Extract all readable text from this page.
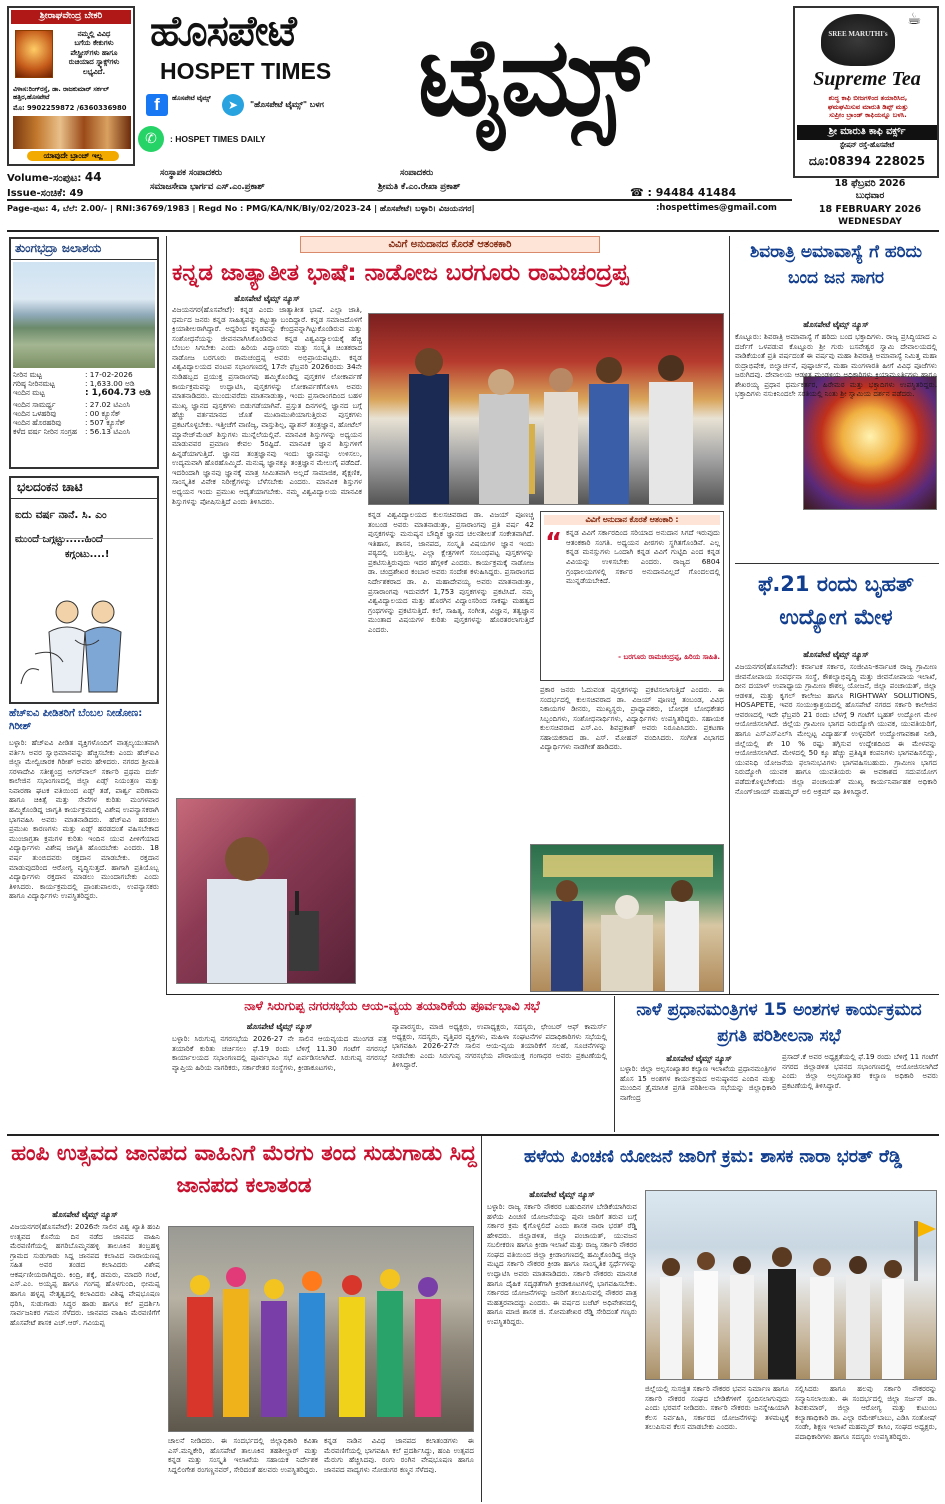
ಶ್ರೀರಾಘವೇಂದ್ರ ಬೇಕರಿ
ನಮ್ಮಲ್ಲಿ ವಿವಿಧ
ಬಗೆಯ ಕೇಕುಗಳು
ಪೇಸ್ಟ್ರೀಸ್‌ಗಳು ಹಾಗೂ
ರುಚಿಯಾದ ಸ್ನ್ಯಾಕ್ಸ್‌ಗಳು ಲಭ್ಯವಿದೆ.
ವಿಳಾಸ:ರಿಂಗ್‌ರಸ್ತೆ, ಡಾ. ರಾಜಕುಮಾರ್ ಸರ್ಕಲ್ ಹತ್ತಿರ,ಹೊಸಪೇಟೆ
ಮೊ: 9902259872 /6360336980
ಯಾವುದೇ ಬ್ರಾಂಚ್ ಇಲ್ಲ
ಹೊಸಪೇಟೆ
HOSPET TIMES ಟೈಮ್ಸ್
f	ಹೊಸಪೇಟೆ ಟೈಮ್ಸ್	➤	"ಹೊಸಪೇಟೆ ಟೈಮ್ಸ್" ಬಳಗ
✆	: HOSPET TIMES DAILY
☕
SREE MARUTHI's
Supreme Tea
ಶುದ್ಧ ಕಾಫಿ ಬೀಜಗಳಿಂದ ತಯಾರಿಸಿದ,
ಘಮಘಮಿಸುವ ಮಾರುತಿ ಡಿಪ್ಪ್ ಮತ್ತು
ಸುಪ್ರೀಂ ಬ್ರಾಂಡ್ ಕಾಫಿಯನ್ನೂ ಬಳಸಿ.
ಶ್ರೀ ಮಾರುತಿ ಕಾಫಿ ವರ್ಕ್ಸ್
ಸ್ಟೇಷನ್ ರಸ್ತೆ-ಹೊಸಪೇಟೆ
ದೂ:08394 228025
Volume-ಸಂಪುಟ: 44
Issue-ಸಂಚಿಕೆ: 49
ಸಂಸ್ಥಾಪಕ ಸಂಪಾದಕರು
ಸಮಾಜಸೇವಾ ಭಾರ್ಗವ ಎಸ್.ಎಂ.ಪ್ರಕಾಶ್
ಸಂಪಾದಕರು
ಶ್ರೀಮತಿ ಕೆ.ಎಂ.ರೇಖಾ ಪ್ರಕಾಶ್	☎ : 94484 41484
18 ಫೆಬ್ರವರಿ 2026
ಬುಧವಾರ
18 FEBRUARY 2026
WEDNESDAY
Page-ಪುಟ: 4, ಬೆಲೆ: 2.00/- | RNI:36769/1983 | Regd No : PMG/KA/NK/Bly/02/2023-24 | ಹೊಸಪೇಟೆ। ಬಳ್ಳಾರಿ। ವಿಜಯನಗರ|	:hospettimes@gmail.com
ತುಂಗಭದ್ರಾ ಜಲಾಶಯ
ನೀರಿನ ಮಟ್ಟ	: 17-02-2026
ಗರಿಷ್ಠ ನೀರಿನಮಟ್ಟ	: 1,633.00 ಅಡಿ
ಇಂದಿನ ಮಟ್ಟ	: 1,604.73 ಅಡಿ
ಇಂದಿನ ಸಾಮರ್ಥ್ಯ	: 27.02 ಟಿಎಂಸಿ
ಇಂದಿನ ಒಳಹರಿವು	: 00 ಕ್ಯೂಸೆಕ್
ಇಂದಿನ ಹೊರಹರಿವು	: 507 ಕ್ಯೂಸೆಕ್
ಕಳೆದ ವರ್ಷ ನೀರಿನ ಸಂಗ್ರಹ	: 56.13 ಟಿಎಂಸಿ
ಭಲದಂಕನ ಚಾಟಿ
ಐದು ವರ್ಷ ನಾನೆ. ಸಿ. ಎಂ
ಮುಂದೆ ಒಗ್ಗಟ್ಟು.....ಹಿಂದೆ
ಕಗ್ಗಂಟು....!
ಹೆಚ್‌ಐವಿ ಪೀಡಿತರಿಗೆ ಬೆಂಬಲ ನೀಡೋಣ: ಗಿರೀಶ್
ಬಳ್ಳಾರಿ: ಹೆಚ್‌ಐವಿ ಪೀಡಿತ ವ್ಯಕ್ತಿಗಳೊಂದಿಗೆ ವಾತ್ಸಲ್ಯಯುತವಾಗಿ ವರ್ತಿಸಿ ಅವರ ಸ್ವಾಭಿಮಾನವನ್ನು ಹೆಚ್ಚಿಸಬೇಕು ಎಂದು ಹೆಚ್‌ಐವಿ ಜಿಲ್ಲಾ ಮೇಲ್ವಿಚಾರಕ ಗಿರೀಶ್ ಅವರು ಹೇಳಿದರು. ನಗರದ ಶ್ರೀಮತಿ ಸರಳಾದೇವಿ ಸತೀಶ್ಚಂದ್ರ ಅಗರ್‌ವಾಲ್ ಸರ್ಕಾರಿ ಪ್ರಥಮ ದರ್ಜೆ ಕಾಲೇಜಿನ ಸಭಾಂಗಣದಲ್ಲಿ ಜಿಲ್ಲಾ ಏಡ್ಸ್ ನಿಯಂತ್ರಣ ಮತ್ತು ನಿವಾರಣಾ ಘಟಕ ವತಿಯಿಂದ ಏಡ್ಸ್ ತಡೆ, ಪಾರ್ಶ್ವ ಪರಿಣಾಮ ಹಾಗೂ ಚಿಕಿತ್ಸೆ ಮತ್ತು ಸೇವೆಗಳ ಕುರಿತು ಮಂಗಳವಾರ ಹಮ್ಮಿಕೊಂಡಿದ್ದ ಜಾಗೃತಿ ಕಾರ್ಯಕ್ರಮದಲ್ಲಿ ವಿಶೇಷ ಉಪನ್ಯಾಸಕರಾಗಿ ಭಾಗವಹಿಸಿ ಅವರು ಮಾತನಾಡಿದರು. ಹೆಚ್‌ಐವಿ ಹರಡಲು ಪ್ರಮುಖ ಕಾರಣಗಳು ಮತ್ತು ಏಡ್ಸ್ ಹರಡದಂತೆ ವಹಿಸಬೇಕಾದ ಮುಂಜಾಗ್ರತಾ ಕ್ರಮಗಳ ಕುರಿತು ಇಂದಿನ ಯುವ ಪೀಳಿಗೆಯಾದ ವಿದ್ಯಾರ್ಥಿಗಳು ವಿಶೇಷ ಜಾಗೃತಿ ಹೊಂದಬೇಕು ಎಂದರು. 18 ವರ್ಷ ತುಂಬಿದವರು ರಕ್ತದಾನ ಮಾಡಬೇಕು. ರಕ್ತದಾನ ಮಾಡುವುದರಿಂದ ಆರೋಗ್ಯ ವೃದ್ಧಿಸುತ್ತದೆ. ಹಾಗಾಗಿ ಪ್ರತಿಯೊಬ್ಬ ವಿದ್ಯಾರ್ಥಿಗಳು ರಕ್ತದಾನ ಮಾಡಲು ಮುಂದಾಗಬೇಕು ಎಂದು ತಿಳಿಸಿದರು. ಕಾರ್ಯಕ್ರಮದಲ್ಲಿ ಪ್ರಾಂಶುಪಾಲರು, ಉಪನ್ಯಾಸಕರು ಹಾಗೂ ವಿದ್ಯಾರ್ಥಿಗಳು ಉಪಸ್ಥಿತರಿದ್ದರು.
ವಿವಿಗೆ ಅನುದಾನದ ಕೊರತೆ ಆತಂಕಕಾರಿ
ಕನ್ನಡ ಜಾತ್ಯಾತೀತ ಭಾಷೆ: ನಾಡೋಜ ಬರಗೂರು ರಾಮಚಂದ್ರಪ್ಪ
ಹೊಸಪೇಟೆ ಟೈಮ್ಸ್ ನ್ಯೂಸ್
ವಿಜಯನಗರ(ಹೊಸಪೇಟೆ): ಕನ್ನಡ ಎಂದು ಜಾತ್ಯಾತೀತ ಭಾಷೆ. ಎಲ್ಲಾ ಜಾತಿ, ಧರ್ಮದ ಜನರು ಕನ್ನಡ ಸಾಹಿತ್ಯವನ್ನು ಕಟ್ಟುತ್ತಾ ಬಂದಿದ್ದಾರೆ. ಕನ್ನಡ ಸಮಾಜದೊಳಗೆ ಕ್ರಿಯಾಶೀಲರಾಗಿದ್ದಾರೆ. ಅದ್ದರಿಂದ ಕನ್ನಡವನ್ನು ಕೇಂದ್ರವನ್ನಾಗಿಟ್ಟುಕೊಂಡಿರುವ ಮತ್ತು ಸಂಶೋಧನೆಯನ್ನು ಜೀವನವಾಗಿಸಿಕೊಂಡಿರುವ ಕನ್ನಡ ವಿಶ್ವವಿದ್ಯಾಲಯಕ್ಕೆ ಹೆಚ್ಚಿ ಬೆಂಬಲ ಸಿಗಬೇಕು ಎಂದು ಹಿರಿಯ ವಿದ್ವಾಂಸರು ಮತ್ತು ಸಂಸ್ಕೃತಿ ಚಿಂತಕರಾದ ನಾಡೋಜ ಬರಗೂರು ರಾಮಚಂದ್ರಪ್ಪ ಅವರು ಅಭಿಪ್ರಾಯಪಟ್ಟರು. ಕನ್ನಡ ವಿಶ್ವವಿದ್ಯಾಲಯದ ವಂಟಪ ಸಭಾಂಗಣದಲ್ಲಿ 17ನೇ ಫೆಬ್ರವರಿ 2026ರಂದು 34ನೇ ನುಡಿಹಬ್ಬದ ಪ್ರಯುಕ್ತ ಪ್ರಸಾರಾಂಗವು ಹಮ್ಮಿಕೊಂಡಿದ್ದ ಪುಸ್ತಕಗಳ ಲೋಕಾರ್ಪಣೆ ಕಾರ್ಯಕ್ರಮವನ್ನು ಉದ್ಘಾಟಿಸಿ, ಪುಸ್ತಕಗಳನ್ನು ಲೋಕಾರ್ಪಣೆಗೊಳಿಸಿ ಅವರು ಮಾತನಾಡಿದರು. ಮುಂದುವರೆದು ಮಾತನಾಡುತ್ತಾ, ಇಂದು ಪ್ರಸಾರಾಂಗದಿಂದ ಬಹಳ ಮುಖ್ಯ ಜ್ಞಾನದ ಪುಸ್ತಕಗಳು ಬಿಡುಗಡೆಯಾಗಿವೆ. ಪ್ರಸ್ತುತ ದಿನಗಳಲ್ಲಿ ಜ್ಞಾನದ ಬಗ್ಗೆ ಹೆಚ್ಚು ವರ್ತಮಾನದ ಜೊತೆ ಮುಖಾಮುಖಿಯಾಗುತ್ತಿರುವ ಪುಸ್ತಕಗಳು ಪ್ರಕಟಗೊಳ್ಳಬೇಕು. ಇತ್ತೀಚೆಗೆ ವಾಣಿಜ್ಯ, ವಾಸ್ತುಶಿಲ್ಪ, ಫ್ಯಾಶನ್ ತಂತ್ರಜ್ಞಾನ, ಹೋಟೆಲ್ ಮ್ಯಾನೇಜ್‌ಮೆಂಟ್ ಶಿಸ್ತುಗಳು ಮುನ್ನೆಲೆಯಲ್ಲಿವೆ. ಮಾನವಿಕ ಶಿಸ್ತುಗಳನ್ನು ಅಧ್ಯಯನ ಮಾಡುವವರ ಪ್ರಮಾಣ ಕೇವಲ 5ರಷ್ಟಿದೆ. ಮಾನವಿಕ ಜ್ಞಾನ ಶಿಸ್ತುಗಳಿಗೆ ಹಿನ್ನಡೆಯಾಗುತ್ತಿದೆ. ಜ್ಞಾನದ ತಂತ್ರಜ್ಞಾನವು ಇಂದು ಜ್ಞಾನವನ್ನು ಉಳಿಸಲು, ಉದ್ಯಮವಾಗಿ ಹೊರಹೊಮ್ಮಿದೆ. ಮನುಷ್ಯ ಜ್ಞಾನಕ್ಕೂ ತಂತ್ರಜ್ಞಾನ ಮೇಲುಗೈ ಪಡೆದಿದೆ. ಇದರಿಂದಾಗಿ ಜ್ಞಾನವು ಜ್ಞಾನಕ್ಕೆ ಮಾತ್ರ ಸೀಮಿತವಾಗಿ ಅಲ್ಲದೆ ಸಾಮಾಜಿಕ, ಶೈಕ್ಷಣಿಕ, ಸಾಂಸ್ಕೃತಿಕ ವಿವೇಕ ನಿರೀಕ್ಷೆಗಳನ್ನು ಬೆಳೆಸಬೇಕು ಎಂದರು. ಮಾನವಿಕ ಶಿಸ್ತುಗಳ ಅಧ್ಯಯನ ಇಂದು ಪ್ರಮುಖ ಆದ್ಯತೆಯಾಗಬೇಕು. ನಮ್ಮ ವಿಶ್ವವಿದ್ಯಾಲಯ ಮಾನವಿಕ ಶಿಸ್ತುಗಳನ್ನು ಪೋಷಿಸುತ್ತಿದೆ ಎಂದು ತಿಳಿಸಿದರು.
ವಿವಿಗೆ ಅನುದಾನ ಕೊರತೆ ಆತಂಕಾರಿ :
“ ಕನ್ನಡ ವಿವಿಗೆ ಸರ್ಕಾರದಿಂದ ಸರಿಯಾದ ಅನುದಾನ ಸಿಗದೆ ಇರುವುದು ಆತಂಕಕಾರಿ ಸಂಗತಿ. ಅಧ್ಯಯನ ಪೀಠಗಳು ಸ್ಥಗಿತಗೊಂಡಿವೆ. ಎಲ್ಲ ಕನ್ನಡ ಮನಸ್ಸುಗಳು ಒಂದಾಗಿ ಕನ್ನಡ ವಿವಿಗೆ ಗುಟ್ಟಿದಿ ಎಂದ ಕನ್ನಡ ವಿವಿಯನ್ನು ಉಳಿಸಬೇಕು ಎಂದರು. ರಾಜ್ಯದ 6804 ಗ್ರಂಥಾಲಯಗಳಲ್ಲಿ ಸರ್ಕಾರ ಅನುದಾನವಿಲ್ಲದೆ ಗೊಂದಲದಲ್ಲಿ ಮುನ್ನಡೆಯಬೇಕಿದೆ.
- ಬರಗೂರು ರಾಮಚಂದ್ರಪ್ಪ, ಹಿರಿಯ ಸಾಹಿತಿ.
ಕನ್ನಡ ವಿಶ್ವವಿದ್ಯಾಲಯದ ಕುಲಸಚಿವರಾದ ಡಾ. ವಿಜಯ್ ಪೂಣಚ್ಚ ತಂಬಂಡ ಅವರು ಮಾತನಾಡುತ್ತಾ, ಪ್ರಸಾರಾಂಗವು ಪ್ರತಿ ವರ್ಷ 42 ಪುಸ್ತಕಗಳನ್ನು ಮನುಷ್ಯನ ಬೌದ್ಧಿಕ ಜ್ಞಾನದ ಚಲನಶೀಲತೆ ಸಂಕೇತವಾಗಿದೆ. ಇತಿಹಾಸ, ಶಾಸನ, ಜಾನಪದ, ಸಂಸ್ಕೃತಿ ವಿಷಯಗಳ ಜ್ಞಾನ ಇಂದು ಪಠ್ಯದಲ್ಲಿ ಬರುತ್ತಿಲ್ಲ. ಎಲ್ಲಾ ಕ್ಷೇತ್ರಗಳಿಗೆ ಸಂಬಂಧಪಟ್ಟ ಪುಸ್ತಕಗಳನ್ನು ಪ್ರಕಟಿಸುತ್ತಿರುವುದು ಇದರ ಹೆಗ್ಗಳಿಕೆ ಎಂದರು. ಕಾರ್ಯಕ್ರಮಕ್ಕೆ ನಾಡೋಜ ಡಾ. ಚಂದ್ರಶೇಖರ ಕಂಬಾರ ಅವರು ಸಂದೇಶ ಕಳುಹಿಸಿದ್ದರು. ಪ್ರಸಾರಾಂಗದ ನಿರ್ದೇಶಕರಾದ ಡಾ. ಪಿ. ಮಹಾದೇವಯ್ಯ ಅವರು ಮಾತನಾಡುತ್ತಾ, ಪ್ರಸಾರಾಂಗವು ಇದುವರೆಗೆ 1,753 ಪುಸ್ತಕಗಳನ್ನು ಪ್ರಕಟಿಸಿದೆ. ನಮ್ಮ ವಿಶ್ವವಿದ್ಯಾಲಯದ ಮತ್ತು ಹೊರಗಿನ ವಿದ್ವಾಂಸರಿಂದ ಸಾಕಷ್ಟು ಮಹತ್ವದ ಗ್ರಂಥಗಳನ್ನು ಪ್ರಕಟಿಸುತ್ತಿದೆ. ಕಲೆ, ಸಾಹಿತ್ಯ, ಸಂಗೀತ, ವಿಜ್ಞಾನ, ತತ್ವಜ್ಞಾನ ಮುಂತಾದ ವಿಷಯಗಳ ಕುರಿತು ಪುಸ್ತಕಗಳನ್ನು ಹೊರತರಲಾಗುತ್ತಿದೆ ಎಂದರು.
ಪ್ರಕಾರ ಜನರು ಓದುವಂತ ಪುಸ್ತಕಗಳನ್ನು ಪ್ರಕಟಿಸಲಾಗುತ್ತಿದೆ ಎಂದರು. ಈ ಸಂದರ್ಭದಲ್ಲಿ ಕುಲಸಚಿವರಾದ ಡಾ. ವಿಜಯ್ ಪೂಣಚ್ಚ ತಂಬಂಡ, ವಿವಿಧ ನಿಕಾಯಗಳ ಡೀನರು, ಮುಖ್ಯಸ್ಥರು, ಪ್ರಾಧ್ಯಾಪಕರು, ಬೋಧಕ ಬೋಧಕೇತರ ಸಿಬ್ಬಂದಿಗಳು, ಸಂಶೋಧನಾರ್ಥಿಗಳು, ವಿದ್ಯಾರ್ಥಿಗಳು ಉಪಸ್ಥಿತರಿದ್ದರು. ಸಹಾಯಕ ಕುಲಸಚಿವರಾದ ಎಸ್.ಎಂ. ಶಿವಪ್ರಕಾಶ್ ಅವರು ನಿರೂಪಿಸಿದರು. ಪ್ರಕಟಣಾ ಸಹಾಯಕರಾದ ಡಾ. ಎಸ್. ಮೋಹನ್ ವಂದಿಸಿದರು. ಸಂಗೀತ ವಿಭಾಗದ ವಿದ್ಯಾರ್ಥಿಗಳು ನಾಡಗೀತೆ ಹಾಡಿದರು.
ಶಿವರಾತ್ರಿ ಅಮಾವಾಸ್ಯೆ ಗೆ ಹರಿದು ಬಂದ ಜನ ಸಾಗರ
ಹೊಸಪೇಟೆ ಟೈಮ್ಸ್ ನ್ಯೂಸ್
ಕೊಟ್ಟೂರು: ಶಿವರಾತ್ರಿ ಅಮಾವಾಸ್ಯೆ ಗೆ ಹರಿದು ಬಂದ ಭಕ್ತಾದಿಗಳು. ರಾಜ್ಯ ಪ್ರಸಿದ್ಧಿಯಾದ ಎ ದರ್ಜೆಗೆ ಒಳಪಡುವ ಕೊಟ್ಟೂರು ಶ್ರೀ ಗುರು ಬಸವೇಶ್ವರ ಸ್ವಾಮಿ ದೇವಾಲಯದಲ್ಲಿ ವಾಡಿಕೆಯಂತೆ ಪ್ರತಿ ವರ್ಷದಂತೆ ಈ ವರ್ಷವು ಮಹಾ ಶಿವರಾತ್ರಿ ಅಮಾವಾಸ್ಯೆ ನಿಮಿತ್ತ ಮಹಾ ರುದ್ರಾಭಿಷೇಕ, ಬಿಲ್ವಾರ್ಚನೆ, ಪುಷ್ಪಾರ್ಚನೆ, ಮಹಾ ಮಂಗಳಾರತಿ ಹೀಗೆ ವಿವಿಧ ಪೂಜೆಗಳು ಜರುಗಿದವು. ದೇವಾಲಯ ಆಡಳಿತ ಮಂಡಳಿಯ ಅಧಿಕಾರಿಗಳು ಕ್ರಿಯಾಮೂರ್ತಿಗಳು ಹಾಗೂ ಶೇಖರಯ್ಯ ಪ್ರಧಾನ ಧರ್ಮಕರ್ತರ, ಹಿರೇಮಠ ಮತ್ತು ಭಕ್ತಾದಿಗಳು ಉಪಸ್ಥಿತರಿದ್ದರು. ಭಕ್ತಾದಿಗಳು ನಸುಕಿನಿಂದಲೇ ಸರತಿಯಲ್ಲಿ ನಿಂತು ಶ್ರೀ ಸ್ವಾಮಿಯ ದರ್ಶನ ಪಡೆದರು.
ಫೆ.21 ರಂದು ಬೃಹತ್ ಉದ್ಯೋಗ ಮೇಳ
ಹೊಸಪೇಟೆ ಟೈಮ್ಸ್ ನ್ಯೂಸ್
ವಿಜಯನಗರ(ಹೊಸಪೇಟೆ): ಕರ್ನಾಟಕ ಸರ್ಕಾರ, ಸಂಜೀವಿನಿ-ಕರ್ನಾಟಕ ರಾಜ್ಯ ಗ್ರಾಮೀಣ ಜೀವನೋಪಾಯ ಸಂವರ್ಧನಾ ಸಂಸ್ಥೆ, ಕೌಶಲ್ಯಾಭಿವೃದ್ಧಿ ಮತ್ತು ಜೀವನೋಪಾಯ ಇಲಾಖೆ, ದೀನ ದಯಾಳ್ ಉಪಾಧ್ಯಾಯ ಗ್ರಾಮೀಣ ಕೌಶಲ್ಯ ಯೋಜನೆ, ಜಿಲ್ಲಾ ಪಂಚಾಯತ್, ಜಿಲ್ಲಾ ಆಡಳಿತ, ಮತ್ತು ಕೃಗಲ್ ಕಾಲೇಜು ಹಾಗೂ RIGHTWAY SOLUTIONS, HOSAPETE, ಇವರ ಸಂಯುಕ್ತಾಶ್ರಯದಲ್ಲಿ ಹೊಸಪೇಟೆ ನಗರದ ಸರ್ಕಾರಿ ಕಾಲೇಜಿನ ಆವರಣದಲ್ಲಿ ಇದೇ ಫೆಬ್ರವರಿ 21 ರಂದು ಬೆಳಗ್ಗೆ 9 ಗಂಟೆಗೆ ಬೃಹತ್ ಉದ್ಯೋಗ ಮೇಳ ಆಯೋಜಿಸಲಾಗಿದೆ. ಜಿಲ್ಲೆಯ ಗ್ರಾಮೀಣ ಭಾಗದ ನಿರುದ್ಯೋಗಿ ಯುವಕ, ಯುವತಿಯರಿಗೆ, ಹಾಗೂ ಎಸ್‌ಎಸ್‌ಎಲ್‌ಸಿ ಮೇಲ್ಪಟ್ಟ ವಿದ್ಯಾರ್ಹತೆ ಉಳ್ಳವರಿಗೆ ಉದ್ಯೋಗಾವಕಾಶ ನೀಡಿ, ಜಿಲ್ಲೆಯಲ್ಲಿ ಶೇ 10 % ರಷ್ಟು ತಗ್ಗಿಸುವ ಉದ್ದೇಶದಿಂದ ಈ ಮೇಳವನ್ನು ಆಯೋಜಿಸಲಾಗಿದೆ. ಮೇಳದಲ್ಲಿ 50 ಕ್ಕೂ ಹೆಚ್ಚು ಪ್ರತಿಷ್ಠಿತ ಕಂಪನಿಗಳು ಭಾಗವಹಿಸಲಿದ್ದು, ಯುವನಿಧಿ ಯೋಜನೆಯ ಫಲಾನುಭವಿಗಳು ಭಾಗವಹಿಸಬಹುದು. ಗ್ರಾಮೀಣ ಭಾಗದ ನಿರುದ್ಯೋಗಿ ಯುವಕ ಹಾಗೂ ಯುವತಿಯರು ಈ ಅವಕಾಶದ ಸದುಪಯೋಗ ಪಡೆದುಕೊಳ್ಳಬೇಕೆಂದು ಜಿಲ್ಲಾ ಪಂಚಾಯತ್ ಮುಖ್ಯ ಕಾರ್ಯನಿರ್ವಾಹಕ ಅಧಿಕಾರಿ ನೊಂಗ್‌ಜಾಯ್ ಮಹಮ್ಮದ್ ಅಲಿ ಅಕ್ರಮ್ ಷಾ ತಿಳಿಸಿದ್ದಾರೆ.
ನಾಳೆ ಸಿರುಗುಪ್ಪ ನಗರಸಭೆಯ ಆಯ-ವ್ಯಯ ತಯಾರಿಕೆಯ ಪೂರ್ವಭಾವಿ ಸಭೆ
ಹೊಸಪೇಟೆ ಟೈಮ್ಸ್ ನ್ಯೂಸ್
ಬಳ್ಳಾರಿ: ಸಿರುಗುಪ್ಪ ನಗರಸಭೆಯ 2026-27 ನೇ ಸಾಲಿನ ಆಯವ್ಯಯದ ಮುಂಗಡ ಪತ್ರ ತಯಾರಿಕೆ ಕುರಿತು ಚರ್ಚಿಸಲು ಫೆ.19 ರಂದು ಬೆಳಿಗ್ಗೆ 11.30 ಗಂಟೆಗೆ ನಗರಸಭೆ ಕಾರ್ಯಾಲಯದ ಸಭಾಂಗಣದಲ್ಲಿ ಪೂರ್ವಭಾವಿ ಸಭೆ ಏರ್ಪಡಿಸಲಾಗಿದೆ. ಸಿರುಗುಪ್ಪ ನಗರಸಭೆ ವ್ಯಾಪ್ತಿಯ ಹಿರಿಯ ನಾಗರಿಕರು, ಸರ್ಕಾರೇತರ ಸಂಸ್ಥೆಗಳು, ಕ್ರೀಡಾಕೂಟಗಳು,
ವ್ಯಾಪಾರಸ್ಥರು, ಮಾಜಿ ಅಧ್ಯಕ್ಷರು, ಉಪಾಧ್ಯಕ್ಷರು, ಸದಸ್ಯರು, ಛೇಂಬರ್ ಆಫ್ ಕಾಮರ್ಸ್ ಅಧ್ಯಕ್ಷರು, ಸದಸ್ಯರು, ವೃತ್ತಿಪರ ವ್ಯಕ್ತಿಗಳು, ಮಹಿಳಾ ಸಂಘಟನೆಗಳ ಪದಾಧಿಕಾರಿಗಳು ಸಭೆಯಲ್ಲಿ ಭಾಗವಹಿಸಿ 2026-27ನೇ ಸಾಲಿನ ಆಯ-ವ್ಯಯ ತಯಾರಿಕೆಗೆ ಸಲಹೆ, ಸೂಚನೆಗಳನ್ನು ನೀಡಬೇಕು ಎಂದು ಸಿರುಗುಪ್ಪ ನಗರಸಭೆಯ ಪೌರಾಯುಕ್ತ ಗಂಗಾಧರ ಅವರು ಪ್ರಕಟಣೆಯಲ್ಲಿ ತಿಳಿಸಿದ್ದಾರೆ.
ನಾಳೆ ಪ್ರಧಾನಮಂತ್ರಿಗಳ 15 ಅಂಶಗಳ ಕಾರ್ಯಕ್ರಮದ ಪ್ರಗತಿ ಪರಿಶೀಲನಾ ಸಭೆ
ಹೊಸಪೇಟೆ ಟೈಮ್ಸ್ ನ್ಯೂಸ್
ಬಳ್ಳಾರಿ: ಜಿಲ್ಲಾ ಅಲ್ಪಸಂಖ್ಯಾತರ ಕಲ್ಯಾಣ ಇಲಾಖೆಯ ಪ್ರಧಾನಮಂತ್ರಿಗಳ ಹೊಸ 15 ಅಂಶಗಳ ಕಾರ್ಯಕ್ರಮದ ಅನುಷ್ಠಾನದ ಎಂದಿನ ಮತ್ತು ಮುಂದಿನ ತ್ರೈಮಾಸಿಕ ಪ್ರಗತಿ ಪರಿಶೀಲನಾ ಸಭೆಯನ್ನು ಜಿಲ್ಲಾಧಿಕಾರಿ ನಾಗೇಂದ್ರ
ಪ್ರಸಾದ್.ಕೆ ಅವರ ಅಧ್ಯಕ್ಷತೆಯಲ್ಲಿ ಫೆ.19 ರಂದು ಬೆಳಿಗ್ಗೆ 11 ಗಂಟೆಗೆ ನಗರದ ಜಿಲ್ಲಾಡಳಿತ ಭವನದ ಸಭಾಂಗಣದಲ್ಲಿ ಆಯೋಜಿಸಲಾಗಿದೆ ಎಂದು ಜಿಲ್ಲಾ ಅಲ್ಪಸಂಖ್ಯಾತರ ಕಲ್ಯಾಣ ಅಧಿಕಾರಿ ಅವರು ಪ್ರಕಟಣೆಯಲ್ಲಿ ತಿಳಿಸಿದ್ದಾರೆ.
ಹಂಪಿ ಉತ್ಸವದ ಜಾನಪದ ವಾಹಿನಿಗೆ ಮೆರಗು ತಂದ ಸುಡುಗಾಡು ಸಿದ್ದ ಜಾನಪದ ಕಲಾತಂಡ
ಹೊಸಪೇಟೆ ಟೈಮ್ಸ್ ನ್ಯೂಸ್
ವಿಜಯನಗರ(ಹೊಸಪೇಟೆ): 2026ನೇ ಸಾಲಿನ ವಿಶ್ವ ಖ್ಯಾತಿ ಹಂಪಿ ಉತ್ಸವದ ಕೊನೆಯ ದಿನ ನಡೆದ ಜಾನಪದ ವಾಹಿನಿ ಮೆರವಣಿಗೆಯಲ್ಲಿ ಹಗರಿಬೊಮ್ಮನಹಳ್ಳಿ ತಾಲೂಕಿನ ತಂಬ್ರಹಳ್ಳಿ ಗ್ರಾಮದ ಸುಡುಗಾಡು ಸಿದ್ದ ಜಾನಪದ ಕಲಾವಿದ ನಾರಾಯಣಪ್ಪ ಸಹಿತ ಅವರ ತಂಡದ ಕಲಾವಿದರು ವಿಶೇಷ ಆಕರ್ಷಣೀಯರಾಗಿದ್ದರು. ಕಿಂದ್ರಿ, ಶಕ್ಕೆ, ಡಮರು, ಮಾದರಿ ಗಂಟೆ, ಎಸ್.ಎಂ. ಅಯ್ಯಪ್ಪ ಹಾಗೂ ಗಂಗಪ್ಪ ಹೊಳಗುಂದಿ, ಭೀಮಪ್ಪ ಹಾಗೂ ಹಳ್ಳಪ್ಪ ನೇತೃತ್ವದಲ್ಲಿ ಕಲಾವಿದರು ವಿಶಿಷ್ಟ ವೇಷಭೂಷಣ ಧರಿಸಿ, ಸುಡುಗಾಡು ಸಿದ್ಧರ ಹಾಡು ಹಾಗೂ ಕಲೆ ಪ್ರದರ್ಶಿಸಿ ಸಾರ್ವಜನಿಕರ ಗಮನ ಸೆಳೆದರು. ಜಾನಪದ ವಾಹಿನಿ ಮೆರವಣಿಗೆಗೆ ಹೊಸಪೇಟೆ ಶಾಸಕ ಎಚ್.ಆರ್. ಗವಿಯಪ್ಪ
ಚಾಲನೆ ನೀಡಿದರು. ಈ ಸಂದರ್ಭದಲ್ಲಿ ಜಿಲ್ಲಾಧಿಕಾರಿ ಕವಿತಾ ಎಸ್.ಮನ್ನಿಕೇರಿ, ಹೊಸಪೇಟೆ ತಾಲೂಕಿನ ತಹಶೀಲ್ದಾರ್ ಮತ್ತು ಕನ್ನಡ ಮತ್ತು ಸಂಸ್ಕೃತಿ ಇಲಾಖೆಯ ಸಹಾಯಕ ನಿರ್ದೇಶಕ ಸಿದ್ದಲಿಂಗೇಶ ರಂಗಣ್ಣನವರ್, ಸೇರಿದಂತೆ ಹಲವರು ಉಪಸ್ಥಿತರಿದ್ದರು.
ಕನ್ನಡ ನಾಡಿನ ವಿವಿಧ ಜಾನಪದ ಕಲಾತಂಡಗಳು ಈ ಮೆರವಣಿಗೆಯಲ್ಲಿ ಭಾಗವಹಿಸಿ ಕಲೆ ಪ್ರದರ್ಶಿಸಿದ್ದು, ಹಂಪಿ ಉತ್ಸವದ ಮೆರುಗು ಹೆಚ್ಚಿಸಿದವು. ರಂಗು ರಂಗಿನ ವೇಷಭೂಷಣ ಹಾಗೂ ಜಾನಪದ ವಾದ್ಯಗಳು ನೋಡುಗರ ಕಣ್ಮನ ಸೆಳೆದವು.
ಹಳೆಯ ಪಿಂಚಣಿ ಯೋಜನೆ ಜಾರಿಗೆ ಕ್ರಮ: ಶಾಸಕ ನಾರಾ ಭರತ್ ರೆಡ್ಡಿ
ಹೊಸಪೇಟೆ ಟೈಮ್ಸ್ ನ್ಯೂಸ್
ಬಳ್ಳಾರಿ: ರಾಜ್ಯ ಸರ್ಕಾರಿ ನೌಕರರ ಬಹುದಿನಗಳ ಬೇಡಿಕೆಯಾಗಿರುವ ಹಳೆಯ ಪಿಂಚಣಿ ಯೋಜನೆಯನ್ನು ಪುನಃ ಜಾರಿಗೆ ತರುವ ಬಗ್ಗೆ ಸರ್ಕಾರ ಕ್ರಮ ಕೈಗೊಳ್ಳಲಿದೆ ಎಂದು ಶಾಸಕ ನಾರಾ ಭರತ್ ರೆಡ್ಡಿ ಹೇಳಿದರು. ಜಿಲ್ಲಾಡಳಿತ, ಜಿಲ್ಲಾ ಪಂಚಾಯತ್, ಯುವಜನ ಸಬಲೀಕರಣ ಹಾಗೂ ಕ್ರೀಡಾ ಇಲಾಖೆ ಮತ್ತು ರಾಜ್ಯ ಸರ್ಕಾರಿ ನೌಕರರ ಸಂಘದ ವತಿಯಿಂದ ಜಿಲ್ಲಾ ಕ್ರೀಡಾಂಗಣದಲ್ಲಿ ಹಮ್ಮಿಕೊಂಡಿದ್ದ ಜಿಲ್ಲಾ ಮಟ್ಟದ ಸರ್ಕಾರಿ ನೌಕರರ ಕ್ರೀಡಾ ಹಾಗೂ ಸಾಂಸ್ಕೃತಿಕ ಸ್ಪರ್ಧೆಗಳನ್ನು ಉದ್ಘಾಟಿಸಿ ಅವರು ಮಾತನಾಡಿದರು. ಸರ್ಕಾರಿ ನೌಕರರು ಮಾನಸಿಕ ಹಾಗೂ ದೈಹಿಕ ಸದೃಢತೆಗಾಗಿ ಕ್ರೀಡಾಕೂಟಗಳಲ್ಲಿ ಭಾಗವಹಿಸಬೇಕು. ಸರ್ಕಾರದ ಯೋಜನೆಗಳನ್ನು ಜನರಿಗೆ ತಲುಪಿಸುವಲ್ಲಿ ನೌಕರರ ಪಾತ್ರ ಮಹತ್ತರವಾದದ್ದು ಎಂದರು. ಈ ವರ್ಷದ ಬಜೆಟ್ ಅಧಿವೇಶನದಲ್ಲಿ ಹಾಗೂ ಮಾಜಿ ಶಾಸಕ ಜಿ. ಸೋಮಶೇಖರ ರೆಡ್ಡಿ ಸೇರಿದಂತೆ ಗಣ್ಯರು ಉಪಸ್ಥಿತರಿದ್ದರು.
ಜಿಲ್ಲೆಯಲ್ಲಿ ಸುಸಜ್ಜಿತ ಸರ್ಕಾರಿ ನೌಕರರ ಭವನ ನಿರ್ಮಾಣ ಹಾಗೂ ಸರ್ಕಾರಿ ನೌಕರರ ಸಂಘದ ಬೇಡಿಕೆಗಳಿಗೆ ಸ್ಪಂದಿಸಲಾಗುವುದು ಎಂದು ಭರವಸೆ ನೀಡಿದರು. ಸರ್ಕಾರಿ ನೌಕರರು ಜನಸ್ನೇಹಿಯಾಗಿ ಕೆಲಸ ನಿರ್ವಹಿಸಿ, ಸರ್ಕಾರದ ಯೋಜನೆಗಳನ್ನು ತಳಮಟ್ಟಕ್ಕೆ ತಲುಪಿಸುವ ಕೆಲಸ ಮಾಡಬೇಕು ಎಂದರು.
ಸಲ್ಲಿಸಿದರು ಹಾಗೂ ಹಲವು ಸರ್ಕಾರಿ ನೌಕರರನ್ನು ಸನ್ಮಾನಿಸಲಾಯಿತು. ಈ ಸಂದರ್ಭದಲ್ಲಿ ಜಿಲ್ಲಾ ಸರ್ಜನ್ ಡಾ. ಶಿವಕುಮಾರ್, ಜಿಲ್ಲಾ ಆರೋಗ್ಯ ಮತ್ತು ಕುಟುಂಬ ಕಲ್ಯಾಣಾಧಿಕಾರಿ ಡಾ. ಎಲ್ಲಾ ರಮೇಶ್‌ಬಾಬು, ಎಡಿಸಿ ಸಂತೋಷ್ ಸಂಡೇ, ಶಿಕ್ಷಣ ಇಲಾಖೆ ಮಹಮ್ಮದ್ ಕಾಸಿಂ, ಸಂಘದ ಅಧ್ಯಕ್ಷರು, ಪದಾಧಿಕಾರಿಗಳು ಹಾಗೂ ಸದಸ್ಯರು ಉಪಸ್ಥಿತರಿದ್ದರು.
